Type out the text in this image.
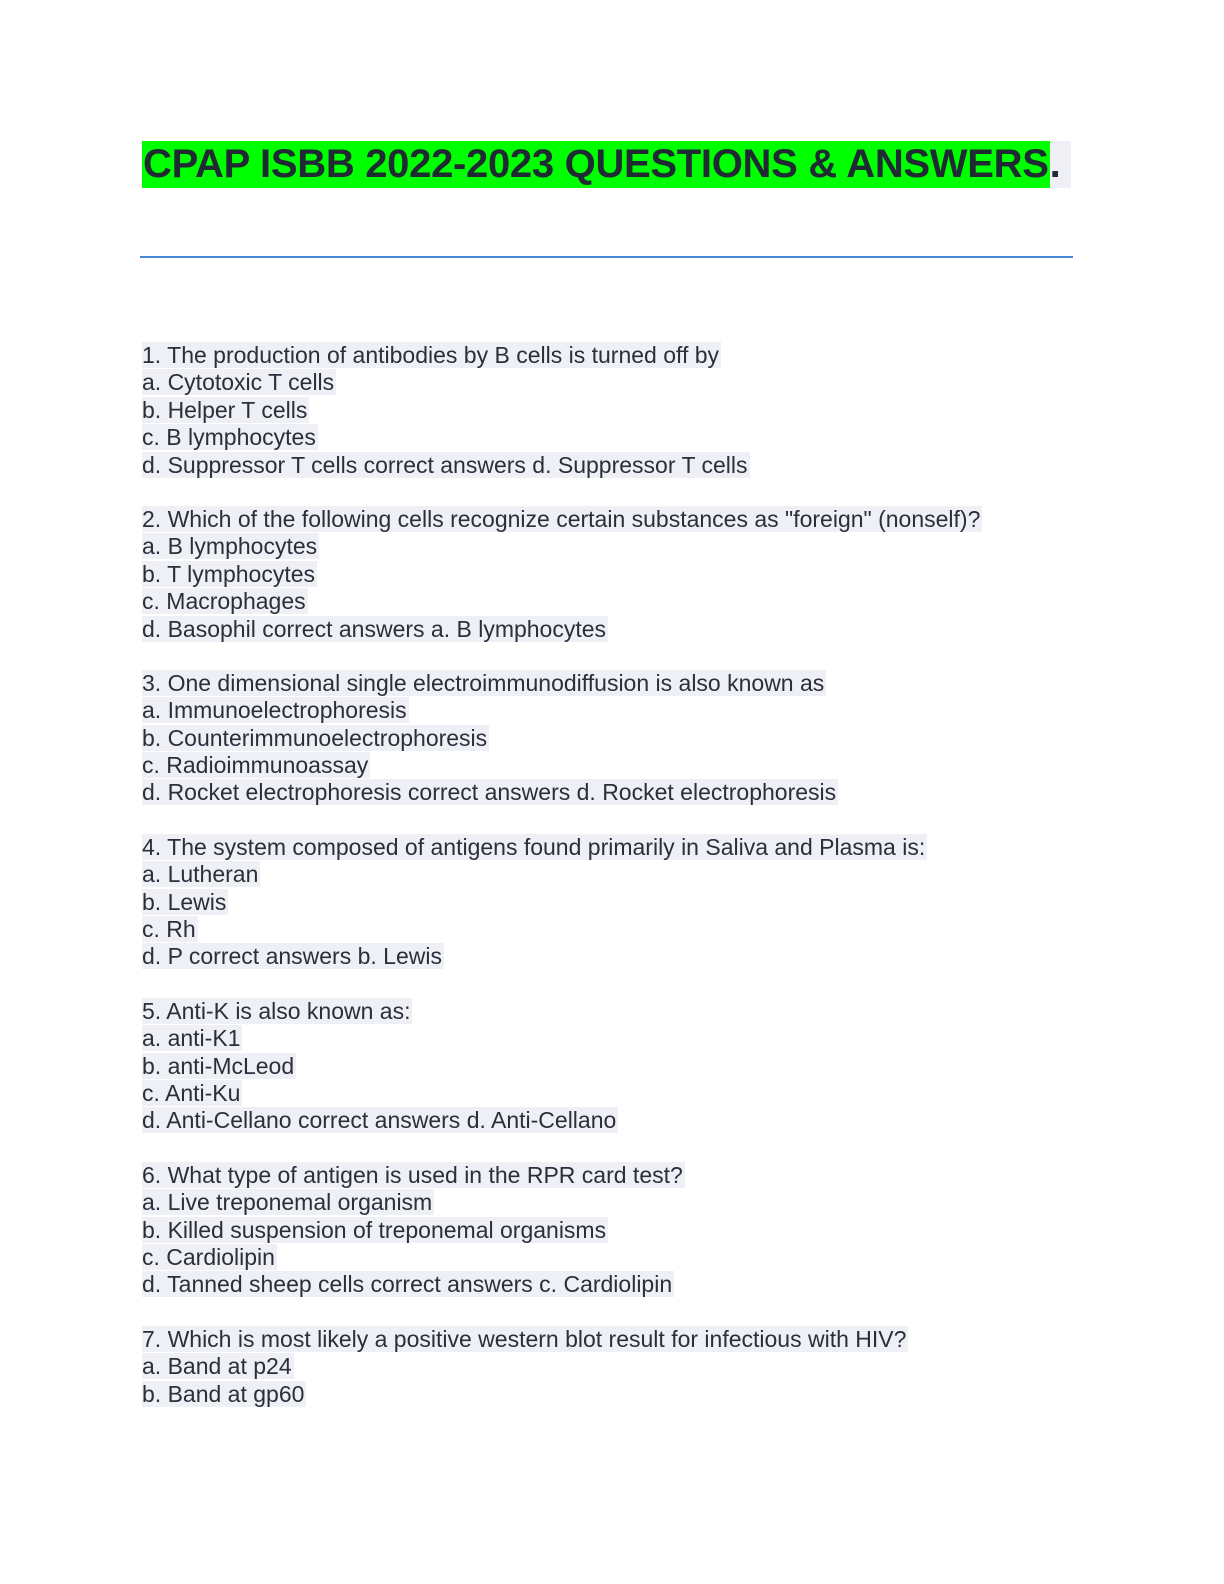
CPAP ISBB 2022-2023 QUESTIONS & ANSWERS .
1. The production of antibodies by B cells is turned off by
a. Cytotoxic T cells
b. Helper T cells
c. B lymphocytes
d. Suppressor T cells correct answers d. Suppressor T cells
2. Which of the following cells recognize certain substances as "foreign" (nonself)?
a. B lymphocytes
b. T lymphocytes
c. Macrophages
d. Basophil correct answers a. B lymphocytes
3. One dimensional single electroimmunodiffusion is also known as
a. Immunoelectrophoresis
b. Counterimmunoelectrophoresis
c. Radioimmunoassay
d. Rocket electrophoresis correct answers d. Rocket electrophoresis
4. The system composed of antigens found primarily in Saliva and Plasma is:
a. Lutheran
b. Lewis
c. Rh
d. P correct answers b. Lewis
5. Anti-K is also known as:
a. anti-K1
b. anti-McLeod
c. Anti-Ku
d. Anti-Cellano correct answers d. Anti-Cellano
6. What type of antigen is used in the RPR card test?
a. Live treponemal organism
b. Killed suspension of treponemal organisms
c. Cardiolipin
d. Tanned sheep cells correct answers c. Cardiolipin
7. Which is most likely a positive western blot result for infectious with HIV?
a. Band at p24
b. Band at gp60
